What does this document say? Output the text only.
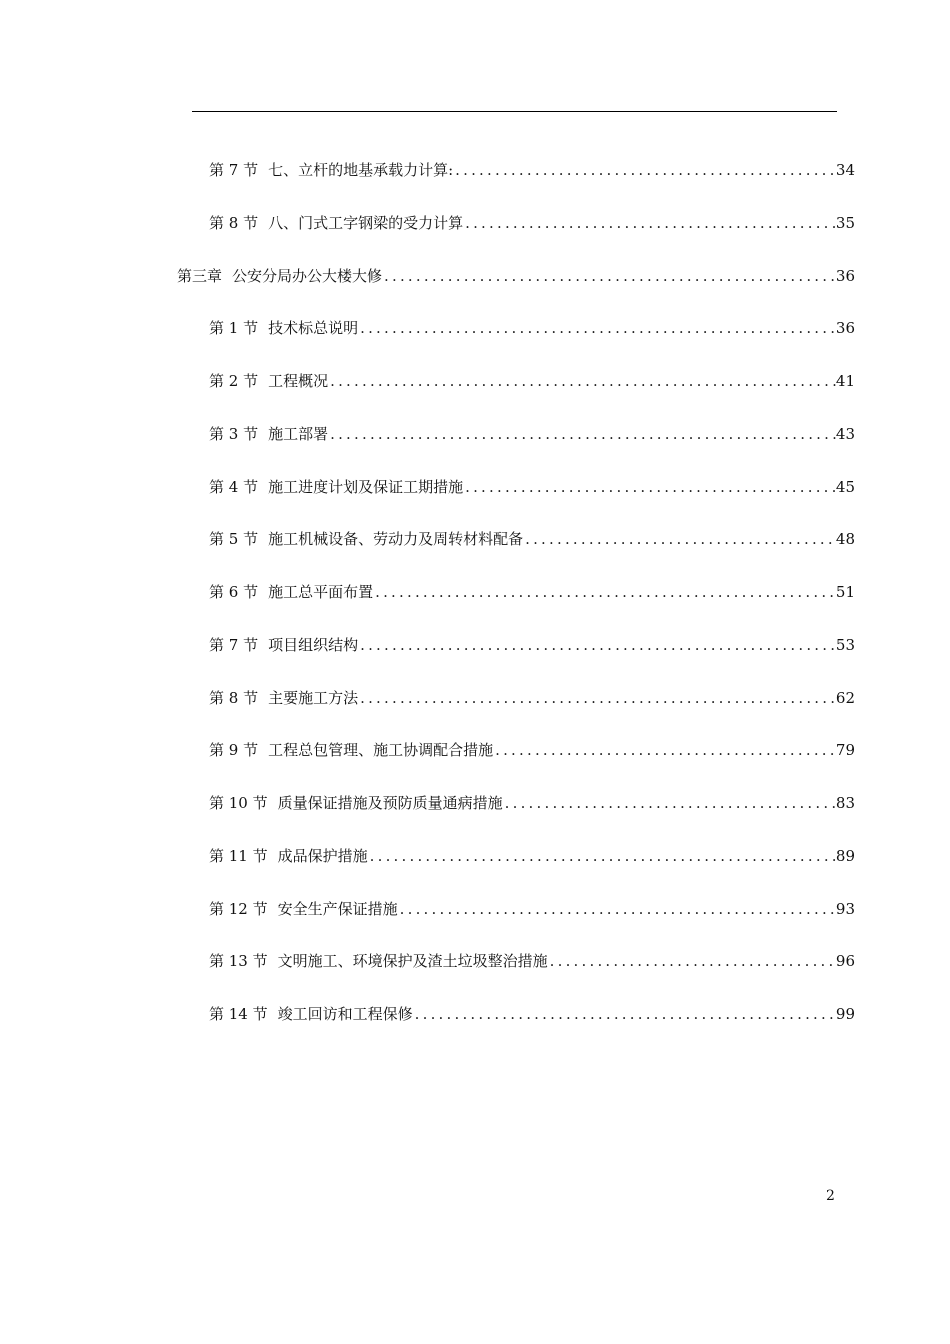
第 7 节 七、立杆的地基承载力计算: .....	34
第 8 节 八、门式工字钢梁的受力计算 .....	35
第三章 公安分局办公大楼大修 .....	36
第 1 节 技术标总说明 .....	36
第 2 节 工程概况 .....	41
第 3 节 施工部署 .....	43
第 4 节 施工进度计划及保证工期措施 .....	45
第 5 节 施工机械设备、劳动力及周转材料配备 .....	48
第 6 节 施工总平面布置 .....	51
第 7 节 项目组织结构 .....	53
第 8 节 主要施工方法 .....	62
第 9 节 工程总包管理、施工协调配合措施 .....	79
第 10 节 质量保证措施及预防质量通病措施 .....	83
第 11 节 成品保护措施 .....	89
第 12 节 安全生产保证措施 .....	93
第 13 节 文明施工、环境保护及渣土垃圾整治措施 .....	96
第 14 节 竣工回访和工程保修 .....	99
2
